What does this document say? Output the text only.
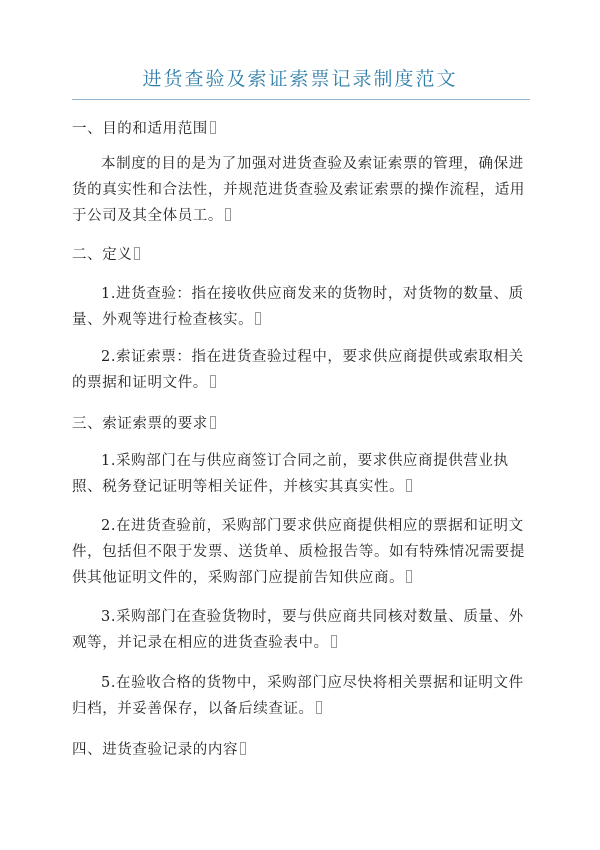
进货查验及索证索票记录制度范文
一、目的和适用范围
本制度的目的是为了加强对进货查验及索证索票的管理，确保进货的真实性和合法性，并规范进货查验及索证索票的操作流程，适用于公司及其全体员工。
二、定义
1.进货查验：指在接收供应商发来的货物时，对货物的数量、质量、外观等进行检查核实。
2.索证索票：指在进货查验过程中，要求供应商提供或索取相关的票据和证明文件。
三、索证索票的要求
1.采购部门在与供应商签订合同之前，要求供应商提供营业执照、税务登记证明等相关证件，并核实其真实性。
2.在进货查验前，采购部门要求供应商提供相应的票据和证明文件，包括但不限于发票、送货单、质检报告等。如有特殊情况需要提供其他证明文件的，采购部门应提前告知供应商。
3.采购部门在查验货物时，要与供应商共同核对数量、质量、外观等，并记录在相应的进货查验表中。
5.在验收合格的货物中，采购部门应尽快将相关票据和证明文件归档，并妥善保存，以备后续查证。
四、进货查验记录的内容
